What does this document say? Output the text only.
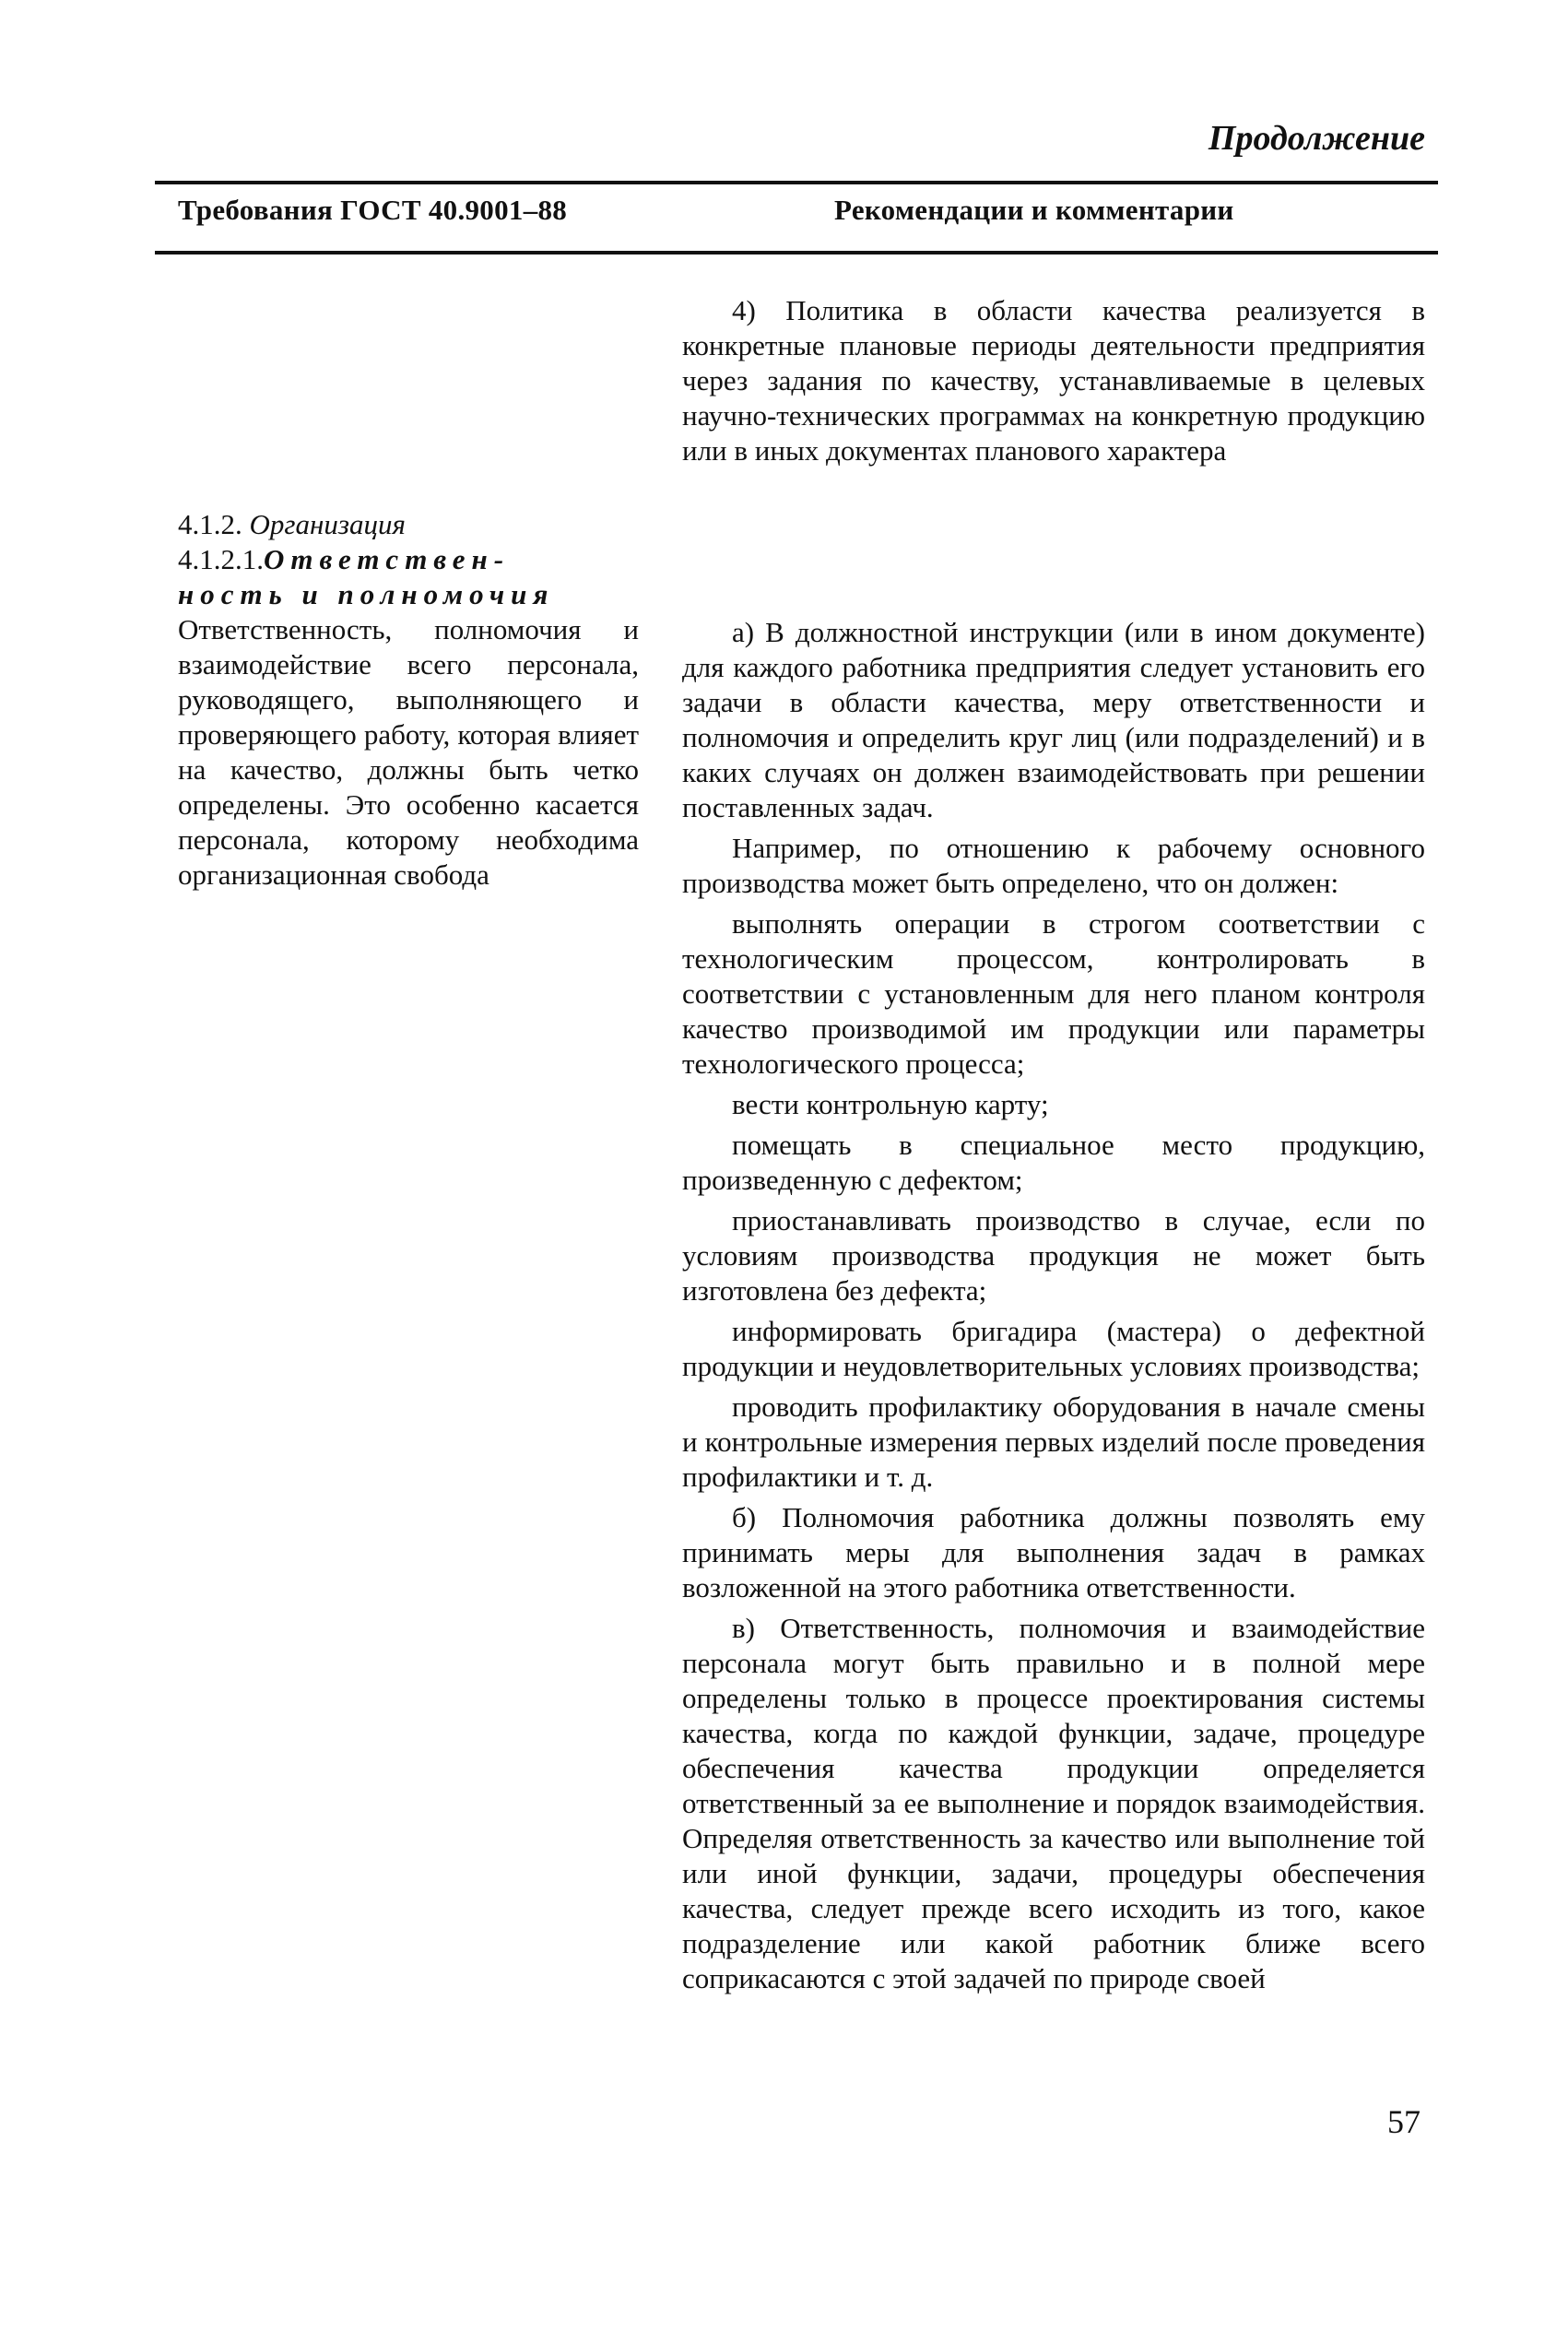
Продолжение
Требования ГОСТ 40.9001–88	Рекомендации и комментарии

4) Политика в области качества реализуется в конкретные плановые периоды деятельности предприятия через задания по качеству, устанавливаемые в целевых научно-технических программах на конкретную продукцию или в иных документах планового характера

4.1.2. Организация
4.1.2.1.Ответствен-
ность и полномочия

Ответственность, полномочия и взаимодействие всего персонала, руководящего, выполняющего и проверяющего работу, которая влияет на качество, должны быть четко определены. Это особенно касается персонала, которому необходима организационная свобода

а) В должностной инструкции (или в ином документе) для каждого работника предприятия следует установить его задачи в области качества, меру ответственности и полномочия и определить круг лиц (или подразделений) и в каких случаях он должен взаимодействовать при решении поставленных задач.

Например, по отношению к рабочему основного производства может быть определено, что он должен:

выполнять операции в строгом соответствии с технологическим процессом, контролировать в соответствии с установленным для него планом контроля качество производимой им продукции или параметры технологического процесса;

вести контрольную карту;

помещать в специальное место продукцию, произведенную с дефектом;

приостанавливать производство в случае, если по условиям производства продукция не может быть изготовлена без дефекта;

информировать бригадира (мастера) о дефектной продукции и неудовлетворительных условиях производства;

проводить профилактику оборудования в начале смены и контрольные измерения первых изделий после проведения профилактики и т. д.

б) Полномочия работника должны позволять ему принимать меры для выполнения задач в рамках возложенной на этого работника ответственности.

в) Ответственность, полномочия и взаимодействие персонала могут быть правильно и в полной мере определены только в процессе проектирования системы качества, когда по каждой функции, задаче, процедуре обеспечения качества продукции определяется ответственный за ее выполнение и порядок взаимодействия. Определяя ответственность за качество или выполнение той или иной функции, задачи, процедуры обеспечения качества, следует прежде всего исходить из того, какое подразделение или какой работник ближе всего соприкасаются с этой задачей по природе своей

57
